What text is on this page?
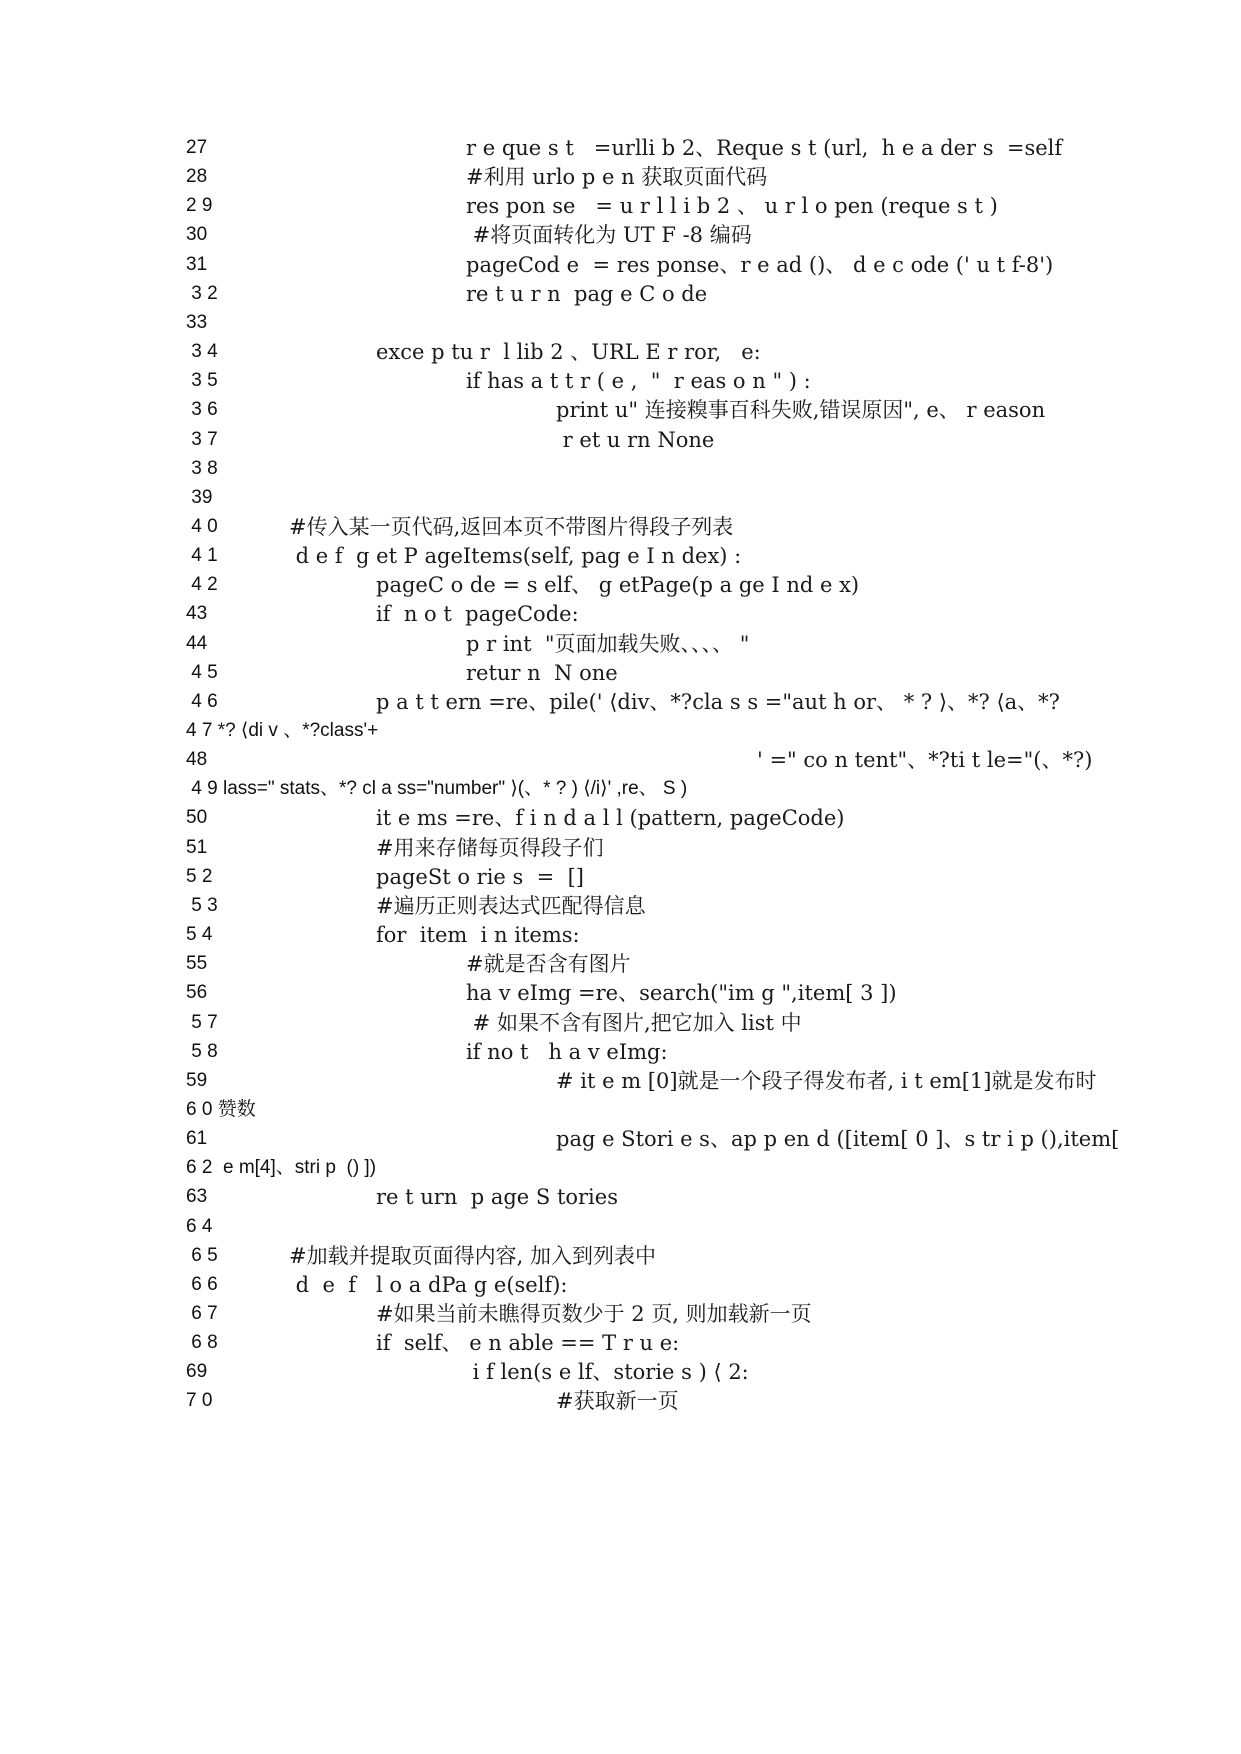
27	r e que s t   =urlli b 2、Reque s t (url,  h e a der s  =self
28	#利用 urlo p e n 获取页面代码
2 9	res pon se   = u r l l i b 2 、 u r l o pen (reque s t )
30	#将页面转化为 UT F -8 编码
31	pageCod e  = res ponse、r e ad ()、 d e c ode (' u t f-8')
3 2	re t u r n  pag e C o de
33
3 4	exce p tu r  l lib 2 、URL E r ror,   e:
3 5	if has a t t r ( e ,  "  r eas o n " ) :
3 6	print u" 连接糗事百科失败,错误原因", e、 r eason
3 7	r et u rn None
3 8
39
4 0	#传入某一页代码,返回本页不带图片得段子列表
4 1	d e f  g et P ageItems(self, pag e I n dex) :
4 2	pageC o de = s elf、 g etPage(p a ge I nd e x)
43	if  n o t  pageCode:
44	p r int  "页面加载失败、、、、 "
4 5	retur n  N one
4 6	p a t t ern =re、pile(' ⟨div、*?cla s s ="aut h or、 * ? ⟩、*? ⟨a、*?
4 7 *? ⟨di v 、*?class'+
48	' =" co n tent"、*?ti t le="(、*?)
4 9 lass=" stats、*? cl a ss="number" ⟩(、* ? ) ⟨/i⟩' ,re、 S )
50	it e ms =re、f i n d a l l (pattern, pageCode)
51	#用来存储每页得段子们
5 2	pageSt o rie s  =  []
5 3	#遍历正则表达式匹配得信息
5 4	for  item  i n items:
55	#就是否含有图片
56	ha v eImg =re、search("im g ",item[ 3 ])
5 7	# 如果不含有图片,把它加入 list 中
5 8	if no t   h a v eImg:
59	# it e m [0]就是一个段子得发布者, i t em[1]就是发布时
6 0 赞数
61	pag e Stori e s、ap p en d ([item[ 0 ]、s tr i p (),item[
6 2  e m[4]、stri p  () ])
63	re t urn  p age S tories
6 4
6 5	#加载并提取页面得内容, 加入到列表中
6 6	d  e  f   l o a dPa g e(self):
6 7	#如果当前未瞧得页数少于 2 页, 则加载新一页
6 8	if  self、 e n able == T r u e:
69	i f len(s e lf、storie s ) ⟨ 2:
7 0	#获取新一页
